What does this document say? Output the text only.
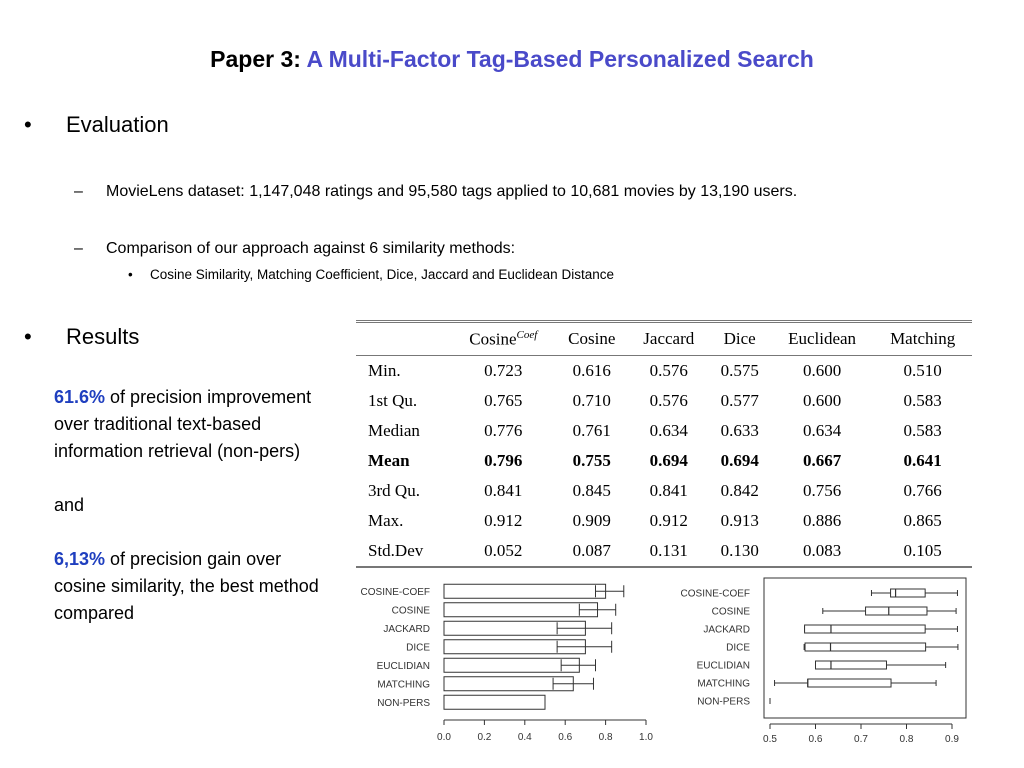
Paper 3: A Multi-Factor Tag-Based Personalized Search
• Evaluation
– MovieLens dataset: 1,147,048 ratings and 95,580 tags applied to 10,681 movies by 13,190 users.
– Comparison of our approach against 6 similarity methods:
• Cosine Similarity, Matching Coefficient, Dice, Jaccard and Euclidean Distance
• Results

61.6% of precision improvement over traditional text-based information retrieval (non-pers)

and

6,13% of precision gain over cosine similarity, the best method compared

	Cosine$^{Coef}$	Cosine	Jaccard	Dice	Euclidean	Matching
Min.	0.723	0.616	0.576	0.575	0.600	0.510
1st Qu.	0.765	0.710	0.576	0.577	0.600	0.583
Median	0.776	0.761	0.634	0.633	0.634	0.583
Mean	0.796	0.755	0.694	0.694	0.667	0.641
3rd Qu.	0.841	0.845	0.841	0.842	0.756	0.766
Max.	0.912	0.909	0.912	0.913	0.886	0.865
Std.Dev	0.052	0.087	0.131	0.130	0.083	0.105
COSINE-COEF
COSINE
JACKARD
DICE
EUCLIDIAN
MATCHING
NON-PERS
0.0	0.2	0.4	0.6	0.8	1.0
COSINE-COEF
COSINE
JACKARD
DICE
EUCLIDIAN
MATCHING
NON-PERS
0.5	0.6	0.7	0.8	0.9
